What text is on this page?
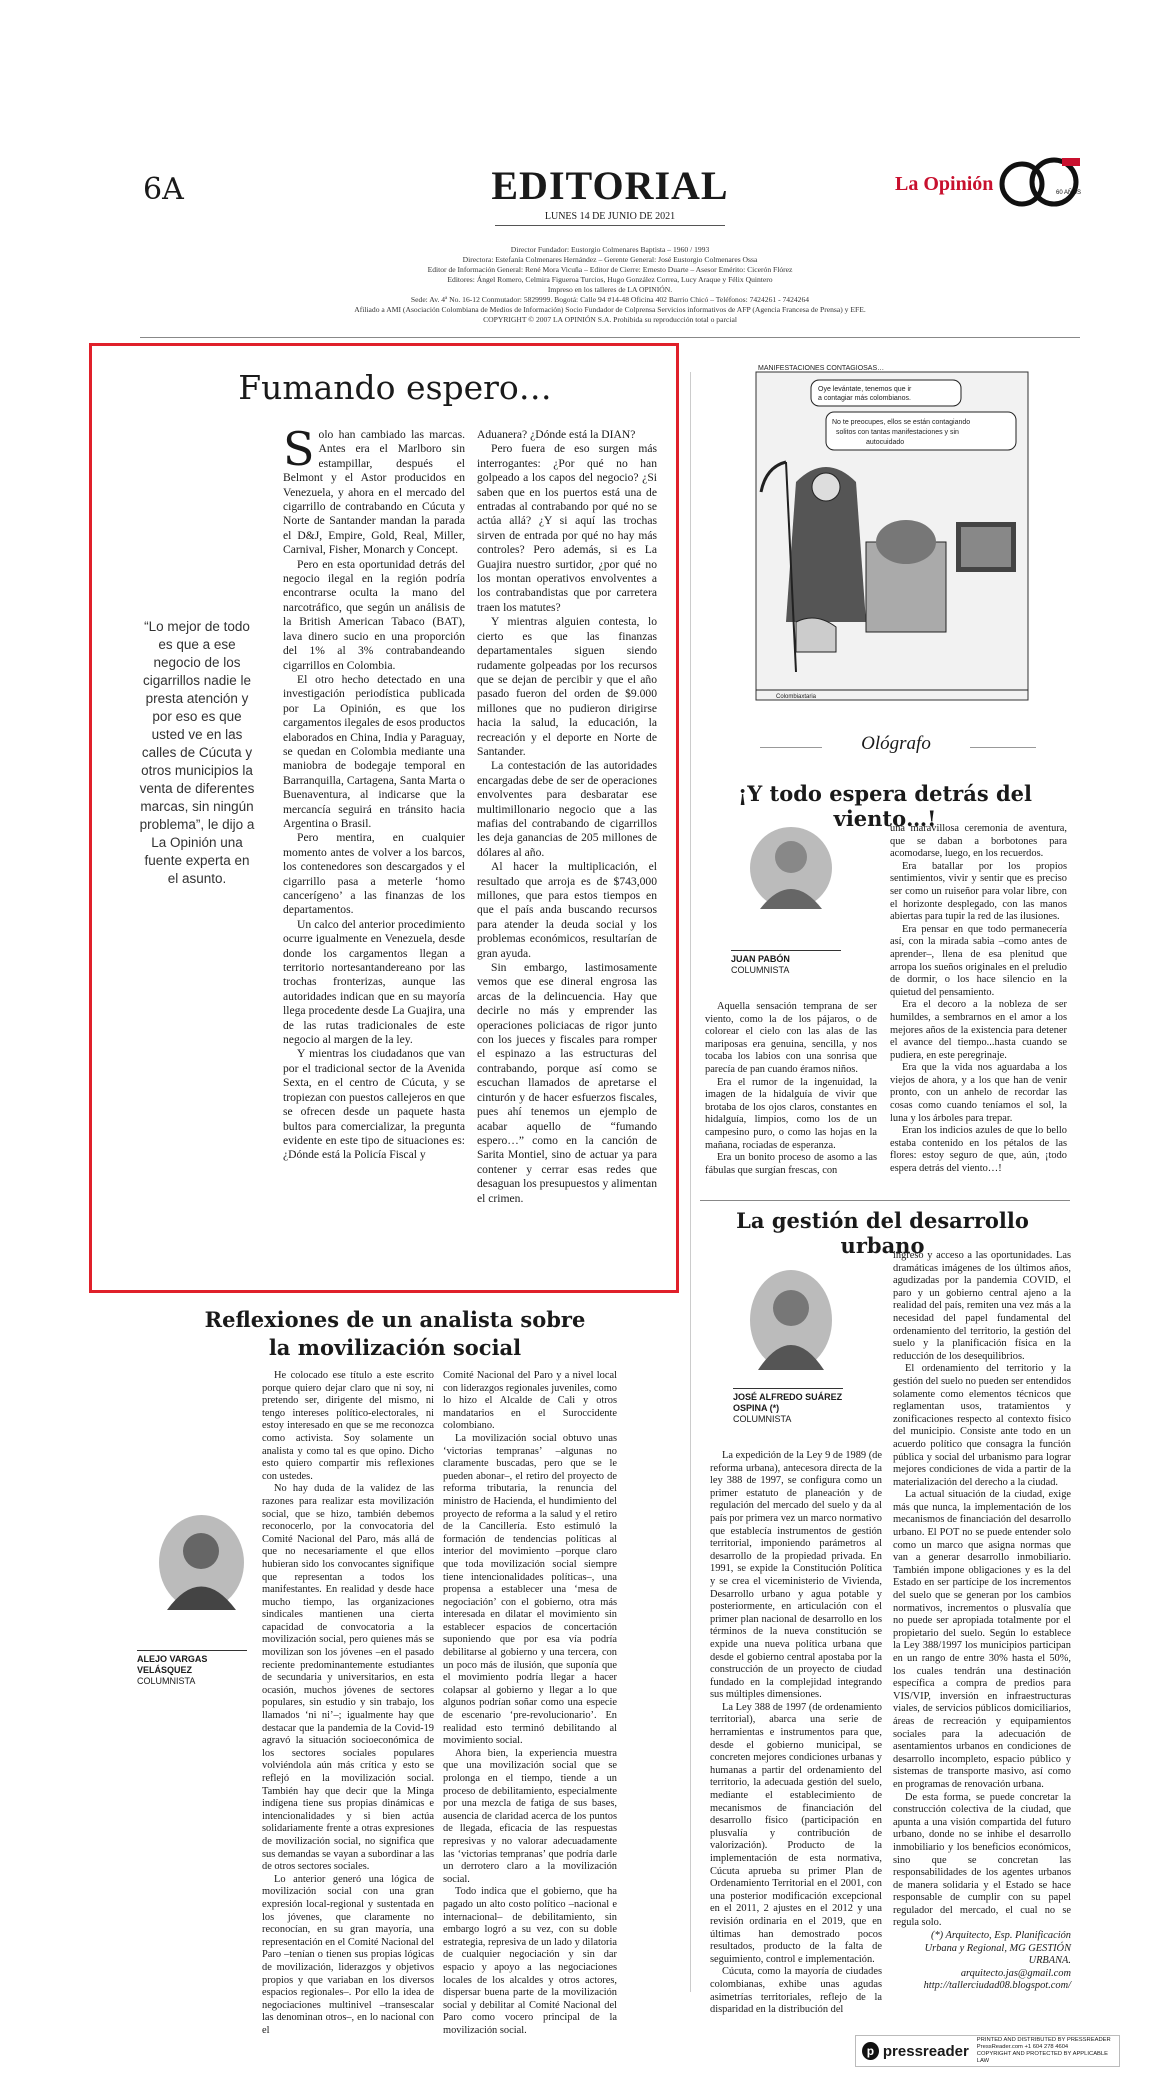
6A	EDITORIAL
LUNES 14 DE JUNIO DE 2021
La Opinión	60 AÑOS
Director Fundador: Eustorgio Colmenares Baptista – 1960 / 1993
Directora: Estefanía Colmenares Hernández – Gerente General: José Eustorgio Colmenares Ossa
Editor de Información General: René Mora Vicuña – Editor de Cierre: Ernesto Duarte – Asesor Emérito: Cicerón Flórez
Editores: Ángel Romero, Celmira Figueroa Turcios, Hugo González Correa, Lucy Araque y Félix Quintero
Impreso en los talleres de LA OPINIÓN.
Sede: Av. 4ª No. 16-12 Conmutador: 5829999. Bogotá: Calle 94 #14-48 Oficina 402 Barrio Chicó – Teléfonos: 7424261 - 7424264
Afiliado a AMI (Asociación Colombiana de Medios de Información) Socio Fundador de Colprensa Servicios informativos de AFP (Agencia Francesa de Prensa) y EFE.
COPYRIGHT © 2007 LA OPINIÓN S.A. Prohibida su reproducción total o parcial
Fumando espero…
“Lo mejor de todo es que a ese negocio de los cigarrillos nadie le presta atención y por eso es que usted ve en las calles de Cúcuta y otros municipios la venta de diferentes marcas, sin ningún problema”, le dijo a La Opinión una fuente experta en el asunto.

Solo han cambiado las marcas. Antes era el Marlboro sin estampillar, después el Belmont y el Astor producidos en Venezuela, y ahora en el mercado del cigarrillo de contrabando en Cúcuta y Norte de Santander mandan la parada el D&J, Empire, Gold, Real, Miller, Carnival, Fisher, Monarch y Concept.

Pero en esta oportunidad detrás del negocio ilegal en la región podría encontrarse oculta la mano del narcotráfico, que según un análisis de la British American Tabaco (BAT), lava dinero sucio en una proporción del 1% al 3% contrabandeando cigarrillos en Colombia.

El otro hecho detectado en una investigación periodística publicada por La Opinión, es que los cargamentos ilegales de esos productos elaborados en China, India y Paraguay, se quedan en Colombia mediante una maniobra de bodegaje temporal en Barranquilla, Cartagena, Santa Marta o Buenaventura, al indicarse que la mercancía seguirá en tránsito hacia Argentina o Brasil.

Pero mentira, en cualquier momento antes de volver a los barcos, los contenedores son descargados y el cigarrillo pasa a meterle ‘homo cancerígeno’ a las finanzas de los departamentos.

Un calco del anterior procedimiento ocurre igualmente en Venezuela, desde donde los cargamentos llegan a territorio nortesantandereano por las trochas fronterizas, aunque las autoridades indican que en su mayoría llega procedente desde La Guajira, una de las rutas tradicionales de este negocio al margen de la ley.

Y mientras los ciudadanos que van por el tradicional sector de la Avenida Sexta, en el centro de Cúcuta, y se tropiezan con puestos callejeros en que se ofrecen desde un paquete hasta bultos para comercializar, la pregunta evidente en este tipo de situaciones es: ¿Dónde está la Policía Fiscal y

Aduanera? ¿Dónde está la DIAN?

Pero fuera de eso surgen más interrogantes: ¿Por qué no han golpeado a los capos del negocio? ¿Si saben que en los puertos está una de entradas al contrabando por qué no se actúa allá? ¿Y si aquí las trochas sirven de entrada por qué no hay más controles? Pero además, si es La Guajira nuestro surtidor, ¿por qué no los montan operativos envolventes a los contrabandistas que por carretera traen los matutes?

Y mientras alguien contesta, lo cierto es que las finanzas departamentales siguen siendo rudamente golpeadas por los recursos que se dejan de percibir y que el año pasado fueron del orden de $9.000 millones que no pudieron dirigirse hacia la salud, la educación, la recreación y el deporte en Norte de Santander.

La contestación de las autoridades encargadas debe de ser de operaciones envolventes para desbaratar ese multimillonario negocio que a las mafias del contrabando de cigarrillos les deja ganancias de 205 millones de dólares al año.

Al hacer la multiplicación, el resultado que arroja es de $743,000 millones, que para estos tiempos en que el país anda buscando recursos para atender la deuda social y los problemas económicos, resultarían de gran ayuda.

Sin embargo, lastimosamente vemos que ese dineral engrosa las arcas de la delincuencia. Hay que decirle no más y emprender las operaciones policiacas de rigor junto con los jueces y fiscales para romper el espinazo a las estructuras del contrabando, porque así como se escuchan llamados de apretarse el cinturón y de hacer esfuerzos fiscales, pues ahí tenemos un ejemplo de acabar aquello de “fumando espero…” como en la canción de Sarita Montiel, sino de actuar ya para contener y cerrar esas redes que desaguan los presupuestos y alimentan el crimen.

MANIFESTACIONES CONTAGIOSAS…
Oye levántate, tenemos que ir
a contagiar más colombianos.
No te preocupes, ellos se están contagiando
solitos con tantas manifestaciones y sin
autocuidado
Colombiaxtaria
Ológrafo
¡Y todo espera detrás del viento…!
JUAN PABÓN
COLUMNISTA

Aquella sensación temprana de ser viento, como la de los pájaros, o de colorear el cielo con las alas de las mariposas era genuina, sencilla, y nos tocaba los labios con una sonrisa que parecía de pan cuando éramos niños.

Era el rumor de la ingenuidad, la imagen de la hidalguía de vivir que brotaba de los ojos claros, constantes en hidalguía, limpios, como los de un campesino puro, o como las hojas en la mañana, rociadas de esperanza.

Era un bonito proceso de asomo a las fábulas que surgían frescas, con

una maravillosa ceremonia de aventura, que se daban a borbotones para acomodarse, luego, en los recuerdos.

Era batallar por los propios sentimientos, vivir y sentir que es preciso ser como un ruiseñor para volar libre, con el horizonte desplegado, con las manos abiertas para tupir la red de las ilusiones.

Era pensar en que todo permanecería así, con la mirada sabia –como antes de aprender–, llena de esa plenitud que arropa los sueños originales en el preludio de dormir, o los hace silencio en la quietud del pensamiento.

Era el decoro a la nobleza de ser humildes, a sembrarnos en el amor a los mejores años de la existencia para detener el avance del tiempo...hasta cuando se pudiera, en este peregrinaje.

Era que la vida nos aguardaba a los viejos de ahora, y a los que han de venir pronto, con un anhelo de recordar las cosas como cuando teníamos el sol, la luna y los árboles para trepar.

Eran los indicios azules de que lo bello estaba contenido en los pétalos de las flores: estoy seguro de que, aún, ¡todo espera detrás del viento…!

La gestión del desarrollo urbano
JOSÉ ALFREDO SUÁREZ OSPINA (*)
COLUMNISTA

La expedición de la Ley 9 de 1989 (de reforma urbana), antecesora directa de la ley 388 de 1997, se configura como un primer estatuto de planeación y de regulación del mercado del suelo y da al país por primera vez un marco normativo que establecía instrumentos de gestión territorial, imponiendo parámetros al desarrollo de la propiedad privada. En 1991, se expide la Constitución Política y se crea el viceministerio de Vivienda, Desarrollo urbano y agua potable y posteriormente, en articulación con el primer plan nacional de desarrollo en los términos de la nueva constitución se expide una nueva política urbana que desde el gobierno central apostaba por la construcción de un proyecto de ciudad fundado en la complejidad integrando sus múltiples dimensiones.

La Ley 388 de 1997 (de ordenamiento territorial), abarca una serie de herramientas e instrumentos para que, desde el gobierno municipal, se concreten mejores condiciones urbanas y humanas a partir del ordenamiento del territorio, la adecuada gestión del suelo, mediante el establecimiento de mecanismos de financiación del desarrollo físico (participación en plusvalía y contribución de valorización). Producto de la implementación de esta normativa, Cúcuta aprueba su primer Plan de Ordenamiento Territorial en el 2001, con una posterior modificación excepcional en el 2011, 2 ajustes en el 2012 y una revisión ordinaria en el 2019, que en últimas han demostrado pocos resultados, producto de la falta de seguimiento, control e implementación.

Cúcuta, como la mayoría de ciudades colombianas, exhibe unas agudas asimetrías territoriales, reflejo de la disparidad en la distribución del

ingreso y acceso a las oportunidades. Las dramáticas imágenes de los últimos años, agudizadas por la pandemia COVID, el paro y un gobierno central ajeno a la realidad del país, remiten una vez más a la necesidad del papel fundamental del ordenamiento del territorio, la gestión del suelo y la planificación física en la reducción de los desequilibrios.

El ordenamiento del territorio y la gestión del suelo no pueden ser entendidos solamente como elementos técnicos que reglamentan usos, tratamientos y zonificaciones respecto al contexto físico del municipio. Consiste ante todo en un acuerdo político que consagra la función pública y social del urbanismo para lograr mejores condiciones de vida a partir de la materialización del derecho a la ciudad.

La actual situación de la ciudad, exige más que nunca, la implementación de los mecanismos de financiación del desarrollo urbano. El POT no se puede entender solo como un marco que asigna normas que van a generar desarrollo inmobiliario. También impone obligaciones y es la del Estado en ser partícipe de los incrementos del suelo que se generan por los cambios normativos, incrementos o plusvalía que no puede ser apropiada totalmente por el propietario del suelo. Según lo establece la Ley 388/1997 los municipios participan en un rango de entre 30% hasta el 50%, los cuales tendrán una destinación específica a compra de predios para VIS/VIP, inversión en infraestructuras viales, de servicios públicos domiciliarios, áreas de recreación y equipamientos sociales para la adecuación de asentamientos urbanos en condiciones de desarrollo incompleto, espacio público y sistemas de transporte masivo, así como en programas de renovación urbana.

De esta forma, se puede concretar la construcción colectiva de la ciudad, que apunta a una visión compartida del futuro urbano, donde no se inhibe el desarrollo inmobiliario y los beneficios económicos, sino que se concretan las responsabilidades de los agentes urbanos de manera solidaria y el Estado se hace responsable de cumplir con su papel regulador del mercado, el cual no se regula solo.

(*) Arquitecto, Esp. Planificación Urbana y Regional, MG GESTIÓN URBANA.

arquitecto.jas@gmail.com http://tallerciudad08.blogspot.com/

Reflexiones de un analista sobre la movilización social
ALEJO VARGAS VELÁSQUEZ
COLUMNISTA

He colocado ese título a este escrito porque quiero dejar claro que ni soy, ni pretendo ser, dirigente del mismo, ni tengo intereses político-electorales, ni estoy interesado en que se me reconozca como activista. Soy solamente un analista y como tal es que opino. Dicho esto quiero compartir mis reflexiones con ustedes.

No hay duda de la validez de las razones para realizar esta movilización social, que se hizo, también debemos reconocerlo, por la convocatoria del Comité Nacional del Paro, más allá de que no necesariamente el que ellos hubieran sido los convocantes signifique que representan a todos los manifestantes. En realidad y desde hace mucho tiempo, las organizaciones sindicales mantienen una cierta capacidad de convocatoria a la movilización social, pero quienes más se movilizan son los jóvenes –en el pasado reciente predominantemente estudiantes de secundaria y universitarios, en esta ocasión, muchos jóvenes de sectores populares, sin estudio y sin trabajo, los llamados ‘ni ni’–; igualmente hay que destacar que la pandemia de la Covid-19 agravó la situación socioeconómica de los sectores sociales populares volviéndola aún más crítica y esto se reflejó en la movilización social. También hay que decir que la Minga indígena tiene sus propias dinámicas e intencionalidades y si bien actúa solidariamente frente a otras expresiones de movilización social, no significa que sus demandas se vayan a subordinar a las de otros sectores sociales.

Lo anterior generó una lógica de movilización social con una gran expresión local-regional y sustentada en los jóvenes, que claramente no reconocían, en su gran mayoría, una representación en el Comité Nacional del Paro –tenían o tienen sus propias lógicas de movilización, liderazgos y objetivos propios y que variaban en los diversos espacios regionales–. Por ello la idea de negociaciones multinivel –transescalar las denominan otros–, en lo nacional con el

Comité Nacional del Paro y a nivel local con liderazgos regionales juveniles, como lo hizo el Alcalde de Cali y otros mandatarios en el Suroccidente colombiano.

La movilización social obtuvo unas ‘victorias tempranas’ –algunas no claramente buscadas, pero que se le pueden abonar–, el retiro del proyecto de reforma tributaria, la renuncia del ministro de Hacienda, el hundimiento del proyecto de reforma a la salud y el retiro de la Cancillería. Esto estimuló la formación de tendencias políticas al interior del movimiento –porque claro que toda movilización social siempre tiene intencionalidades políticas–, una propensa a establecer una ‘mesa de negociación’ con el gobierno, otra más interesada en dilatar el movimiento sin establecer espacios de concertación suponiendo que por esa vía podría debilitarse al gobierno y una tercera, con un poco más de ilusión, que suponía que el movimiento podría llegar a hacer colapsar al gobierno y llegar a lo que algunos podrían soñar como una especie de escenario ‘pre-revolucionario’. En realidad esto terminó debilitando al movimiento social.

Ahora bien, la experiencia muestra que una movilización social que se prolonga en el tiempo, tiende a un proceso de debilitamiento, especialmente por una mezcla de fatiga de sus bases, ausencia de claridad acerca de los puntos de llegada, eficacia de las respuestas represivas y no valorar adecuadamente las ‘victorias tempranas’ que podría darle un derrotero claro a la movilización social.

Todo indica que el gobierno, que ha pagado un alto costo político –nacional e internacional– de debilitamiento, sin embargo logró a su vez, con su doble estrategia, represiva de un lado y dilatoria de cualquier negociación y sin dar espacio y apoyo a las negociaciones locales de los alcaldes y otros actores, dispersar buena parte de la movilización social y debilitar al Comité Nacional del Paro como vocero principal de la movilización social.

p pressreader
PRINTED AND DISTRIBUTED BY PRESSREADER
PressReader.com +1 604 278 4604
COPYRIGHT AND PROTECTED BY APPLICABLE LAW
